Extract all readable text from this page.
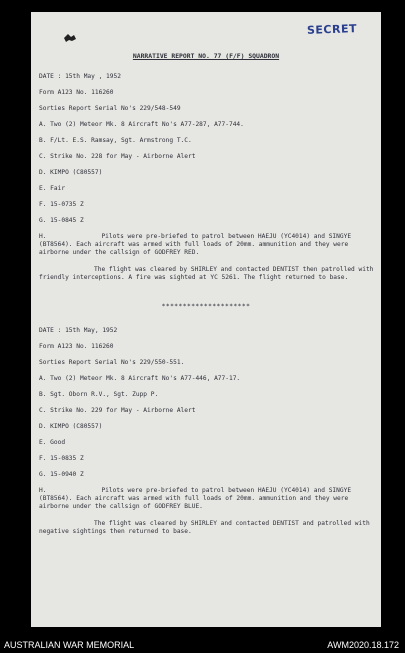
SECRET
NARRATIVE REPORT NO. 77 (F/F) SQUADRON
DATE : 15th May , 1952
Form A123 No. 116260
Sorties Report Serial No's 229/548-549
A. Two (2) Meteor Mk. 8 Aircraft No's A77-287, A77-744.
B. F/Lt. E.S. Ramsay, Sgt. Armstrong T.C.
C. Strike No. 228 for May - Airborne Alert
D. KIMPO (C80557)
E. Fair
F. 15-0735 Z
G. 15-0845 Z
H.	Pilots were pre-briefed to patrol between HAEJU (YC4014) and SINGYE (BT8564). Each aircraft was armed with full loads of 20mm. ammunition and they were airborne under the callsign of GODFREY RED.
The flight was cleared by SHIRLEY and contacted DENTIST then patrolled with friendly interceptions. A fire was sighted at YC 5261. The flight returned to base.
*********************
DATE : 15th May, 1952
Form A123 No. 116260
Sorties Report Serial No's 229/550-551.
A. Two (2) Meteor Mk. 8 Aircraft No's A77-446, A77-17.
B. Sgt. Oborn R.V., Sgt. Zupp P.
C. Strike No. 229 for May - Airborne Alert
D. KIMPO (C80557)
E. Good
F. 15-0835 Z
G. 15-0940 Z
H.	Pilots were pre-briefed to patrol between HAEJU (YC4014) and SINGYE (BT8564). Each aircraft was armed with full loads of 20mm. ammunition and they were airborne under the callsign of GODFREY BLUE.
The flight was cleared by SHIRLEY and contacted DENTIST and patrolled with negative sightings then returned to base.
AUSTRALIAN WAR MEMORIAL	AWM2020.18.172
